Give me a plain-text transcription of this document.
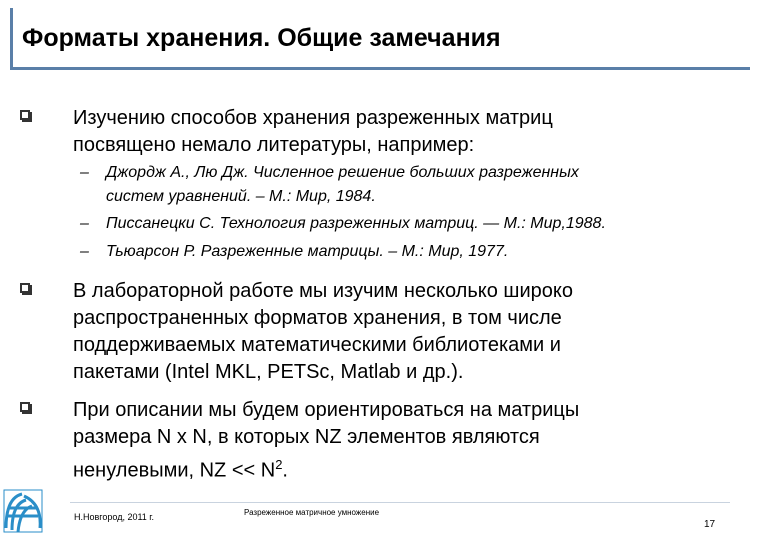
Форматы хранения. Общие замечания
Изучению способов хранения разреженных матриц
посвящено немало литературы, например:
– Джордж А., Лю Дж. Численное решение больших разреженных
систем уравнений. – М.: Мир, 1984.
– Писсанецки С. Технология разреженных матриц. — М.: Мир,1988.
– Тьюарсон Р. Разреженные матрицы. – М.: Мир, 1977.
В лабораторной работе мы изучим несколько широко
распространенных форматов хранения, в том числе
поддерживаемых математическими библиотеками и
пакетами (Intel MKL, PETSc, Matlab и др.).
При описании мы будем ориентироваться на матрицы
размера N x N, в которых NZ элементов являются
ненулевыми, NZ << $N^2$.
Н.Новгород, 2011 г.	Разреженное матричное умножение
17
